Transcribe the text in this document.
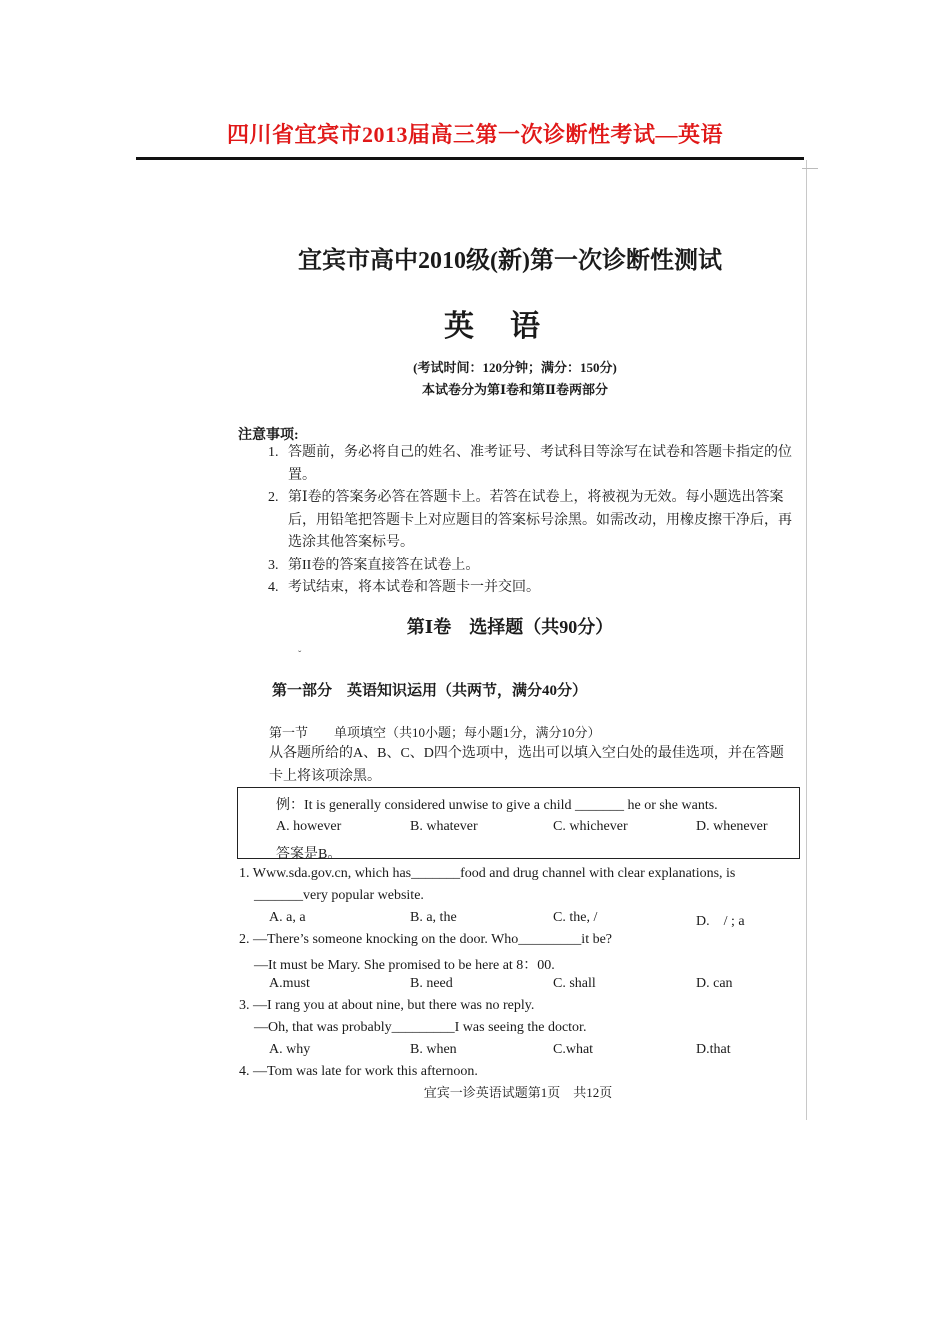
四川省宜宾市2013届高三第一次诊断性考试—英语
宜宾市高中2010级(新)第一次诊断性测试
英语
(考试时间：120分钟；满分：150分)
本试卷分为第Ⅰ卷和第Ⅱ卷两部分
注意事项:
1. 答题前，务必将自己的姓名、准考证号、考试科目等涂写在试卷和答题卡指定的位置。
2. 第Ⅰ卷的答案务必答在答题卡上。若答在试卷上，将被视为无效。每小题选出答案后，用铅笔把答题卡上对应题目的答案标号涂黑。如需改动，用橡皮擦干净后，再选涂其他答案标号。
3. 第II卷的答案直接答在试卷上。
4. 考试结束，将本试卷和答题卡一并交回。
第Ⅰ卷　选择题（共90分）
ˇ
第一部分　英语知识运用（共两节，满分40分）
第一节　　单项填空（共10小题；每小题1分，满分10分）
从各题所给的A、B、C、D四个选项中，选出可以填入空白处的最佳选项，并在答题卡上将该项涂黑。
例：It is generally considered unwise to give a child _______ he or she wants.
A. however	B. whatever	C. whichever	D. whenever
答案是B。
1. Www.sda.gov.cn, which has_______food and drug channel with clear explanations, is
_______very popular website.
A. a, a	B. a, the	C. the, /	D.　/ ; a
2. —There’s someone knocking on the door. Who_________it be?
—It must be Mary. She promised to be here at 8：00.
A.must	B. need	C. shall	D. can
3. —I rang you at about nine, but there was no reply.
—Oh, that was probably_________I was seeing the doctor.
A. why	B. when	C.what	D.that
4. —Tom was late for work this afternoon.
宜宾一诊英语试题第1页　共12页
